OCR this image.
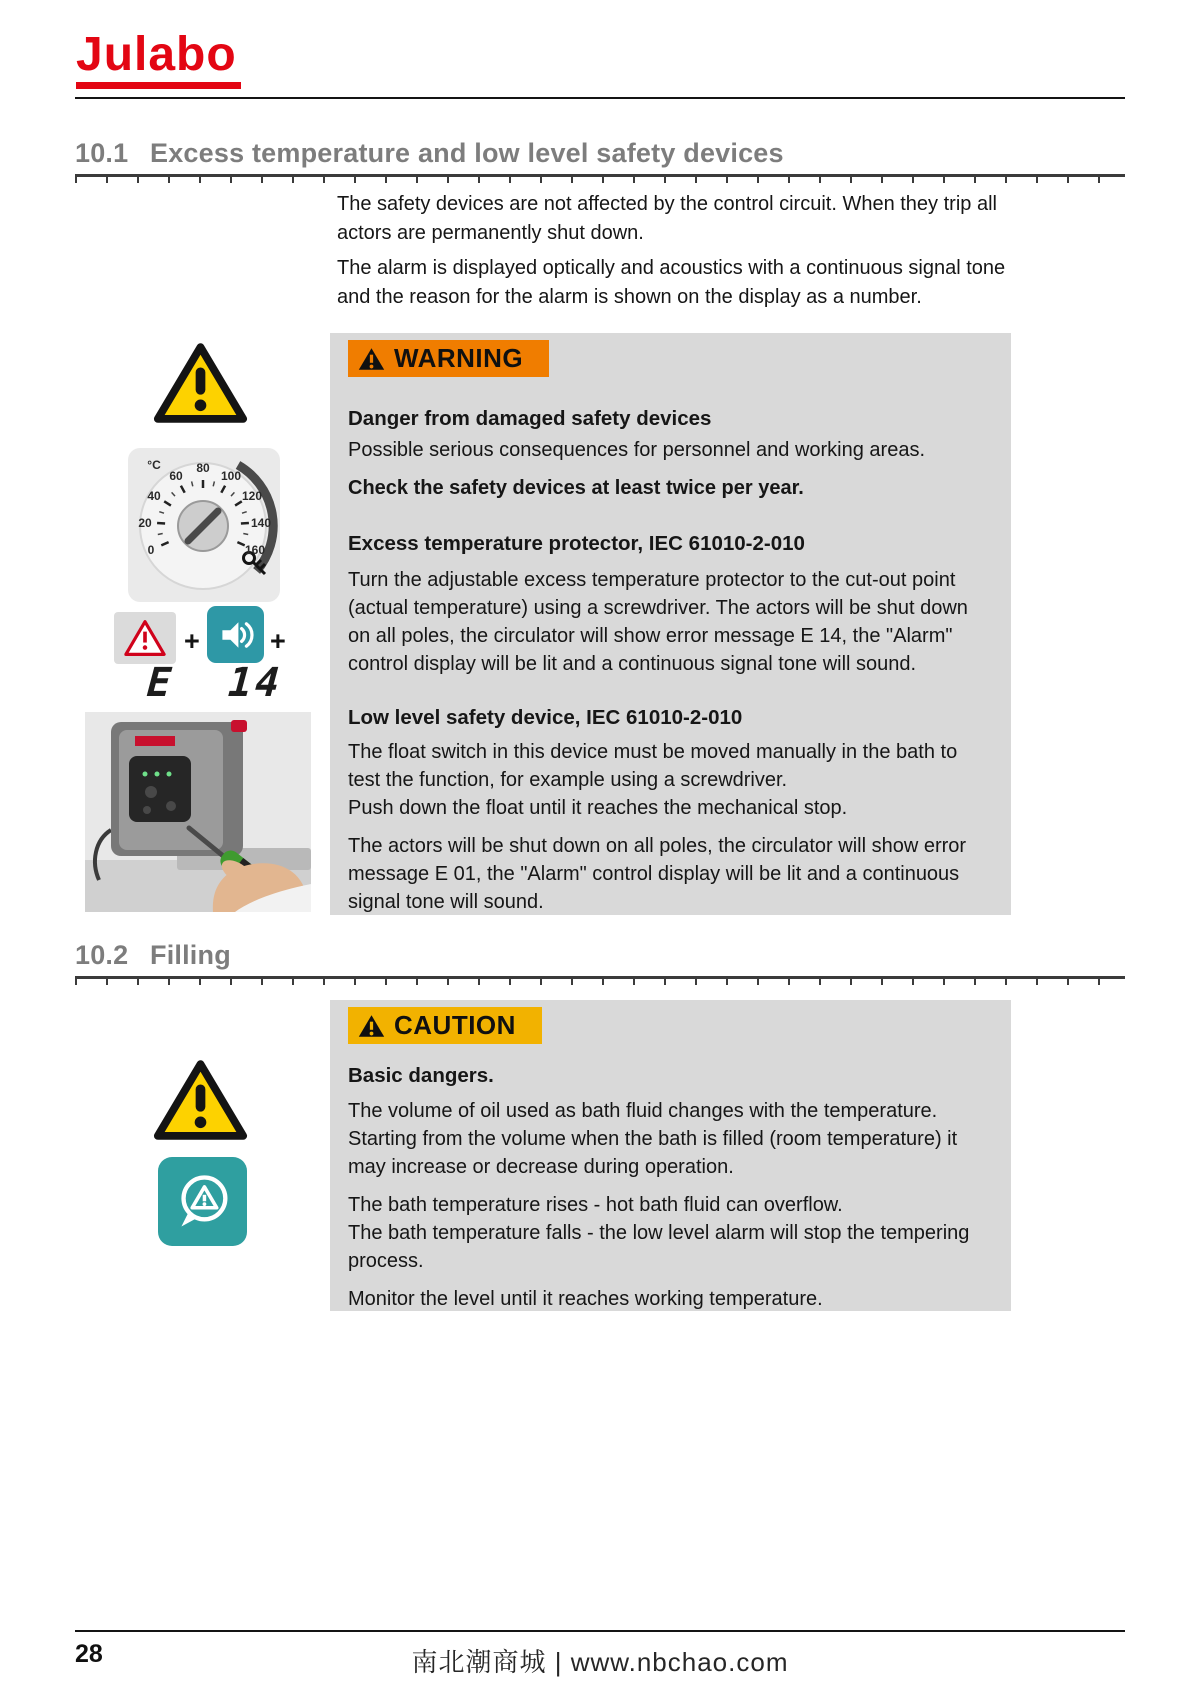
Julabo
10.1 Excess temperature and low level safety devices

The safety devices are not affected by the control circuit. When they trip all actors are permanently shut down.

The alarm is displayed optically and acoustics with a continuous signal tone and the reason for the alarm is shown on the display as a number.

°C
0
20
40
60
80
100
120
140
160
+	+
E  14
WARNING

Danger from damaged safety devices

Possible serious consequences for personnel and working areas.

Check the safety devices at least twice per year.

Excess temperature protector, IEC 61010-2-010

Turn the adjustable excess temperature protector to the cut-out point (actual temperature) using a screwdriver. The actors will be shut down on all poles, the circulator will show error message E 14, the "Alarm" control display will be lit and a continuous signal tone will sound.

Low level safety device, IEC 61010-2-010

The float switch in this device must be moved manually in the bath to test the function, for example using a screwdriver.

Push down the float until it reaches the mechanical stop.

The actors will be shut down on all poles, the circulator will show error message E 01, the "Alarm" control display will be lit and a continuous signal tone will sound.

10.2 Filling
CAUTION

Basic dangers.

The volume of oil used as bath fluid changes with the temperature. Starting from the volume when the bath is filled (room temperature) it may increase or decrease during operation.

The bath temperature rises - hot bath fluid can overflow.

The bath temperature falls - the low level alarm will stop the tempering process.

Monitor the level until it reaches working temperature.

28	南北潮商城 | www.nbchao.com
